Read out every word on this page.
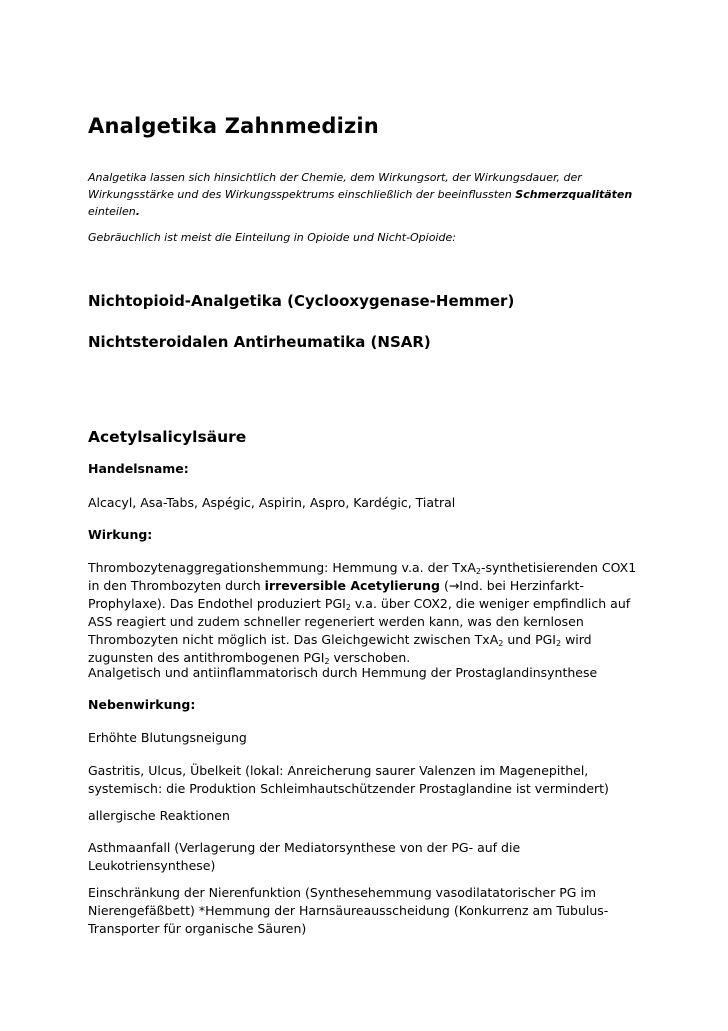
Analgetika Zahnmedizin
Analgetika lassen sich hinsichtlich der Chemie, dem Wirkungsort, der Wirkungsdauer, der Wirkungsstärke und des Wirkungsspektrums einschließlich der beeinflussten Schmerzqualitäten einteilen.
Gebräuchlich ist meist die Einteilung in Opioide und Nicht-Opioide:
Nichtopioid-Analgetika (Cyclooxygenase-Hemmer)
Nichtsteroidalen Antirheumatika (NSAR)
Acetylsalicylsäure
Handelsname:
Alcacyl, Asa-Tabs, Aspégic, Aspirin, Aspro, Kardégic, Tiatral
Wirkung:
Thrombozytenaggregationshemmung: Hemmung v.a. der TxA$_2$-synthetisierenden COX1 in den Thrombozyten durch irreversible Acetylierung (→Ind. bei Herzinfarkt-Prophylaxe). Das Endothel produziert $PGI_2$ v.a. über COX2, die weniger empfindlich auf ASS reagiert und zudem schneller regeneriert werden kann, was den kernlosen Thrombozyten nicht möglich ist. Das Gleichgewicht zwischen TxA$_2$ und $PGI_2$ wird zugunsten des antithrombogenen $PGI_2$ verschoben.
Analgetisch und antiinflammatorisch durch Hemmung der Prostaglandinsynthese
Nebenwirkung:
Erhöhte Blutungsneigung
Gastritis, Ulcus, Übelkeit (lokal: Anreicherung saurer Valenzen im Magenepithel, systemisch: die Produktion Schleimhautschützender Prostaglandine ist vermindert)
allergische Reaktionen
Asthmaanfall (Verlagerung der Mediatorsynthese von der PG- auf die Leukotriensynthese)
Einschränkung der Nierenfunktion (Synthesehemmung vasodilatatorischer PG im Nierengefäßbett) *Hemmung der Harnsäureausscheidung (Konkurrenz am Tubulus-Transporter für organische Säuren)
